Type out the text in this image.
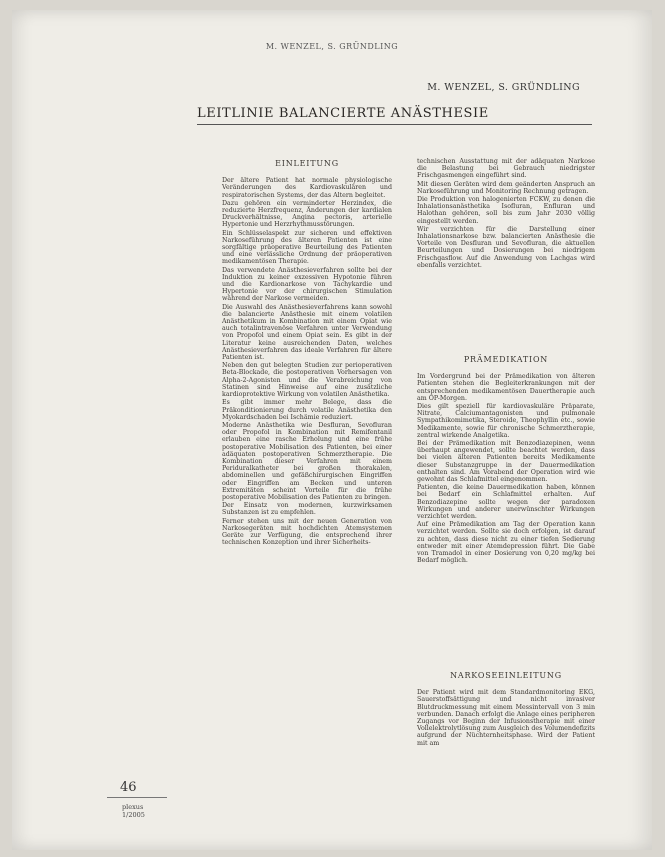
M. WENZEL, S. GRÜNDLING
M. WENZEL, S. GRÜNDLING
LEITLINIE BALANCIERTE ANÄSTHESIE
EINLEITUNG

Der ältere Patient hat normale physiologische Veränderungen des Kardiovaskulären und respiratorischen Systems, der das Altern begleitet.

Dazu gehören ein verminderter Herzindex, die reduzierte Herzfrequenz, Änderungen der kardialen Druckverhältnisse, Angina pectoris, arterielle Hypertonie und Herzrhythmusstörungen.

Ein Schlüsselaspekt zur sicheren und effektiven Narkoseführung des älteren Patienten ist eine sorgfältige präoperative Beurteilung des Patienten und eine verlässliche Ordnung der präoperativen medikamentösen Therapie.

Das verwendete Anästhesieverfahren sollte bei der Induktion zu keiner exzessiven Hypotonie führen und die Kardionarkose von Tachykardie und Hypertonie vor der chirurgischen Stimulation während der Narkose vermeiden.

Die Auswahl des Anästhesieverfahrens kann sowohl die balancierte Anästhesie mit einem volatilen Anästhetikum in Kombination mit einem Opiat wie auch totalintravenöse Verfahren unter Verwendung von Propofol und einem Opiat sein. Es gibt in der Literatur keine ausreichenden Daten, welches Anästhesieverfahren das ideale Verfahren für ältere Patienten ist.

Neben den gut belegten Studien zur perioperativen Beta-Blockade, die postoperativen Vorhersagen von Alpha-2-Agonisten und die Verabreichung von Statinen sind Hinweise auf eine zusätzliche kardioprotektive Wirkung von volatilen Anästhetika.

Es gibt immer mehr Belege, dass die Präkonditionierung durch volatile Anästhetika den Myokardschaden bei Ischämie reduziert.

Moderne Anästhetika wie Desfluran, Sevofluran oder Propofol in Kombination mit Remifentanil erlauben eine rasche Erholung und eine frühe postoperative Mobilisation des Patienten, bei einer adäquaten postoperativen Schmerztherapie. Die Kombination dieser Verfahren mit einem Periduralkatheter bei großen thorakalen, abdominellen und gefäßchirurgischen Eingriffen oder Eingriffen am Becken und unteren Extremitäten scheint Vorteile für die frühe postoperative Mobilisation des Patienten zu bringen.

Der Einsatz von modernen, kurzwirksamen Substanzen ist zu empfehlen.

Ferner stehen uns mit der neuen Generation von Narkosegeräten mit hochdichten Atemsystemen Geräte zur Verfügung, die entsprechend ihrer technischen Konzeption und ihrer Sicherheits-

technischen Ausstattung mit der adäquaten Narkose die Belastung bei Gebrauch niedrigster Frischgasmengen eingeführt sind.

Mit diesen Geräten wird dem geänderten Anspruch an Narkoseführung und Monitoring Rechnung getragen.

Die Produktion von halogenierten FCKW, zu denen die Inhalationsanästhetika Isofluran, Enfluran und Halothan gehören, soll bis zum Jahr 2030 völlig eingestellt werden.

Wir verzichten für die Darstellung einer Inhalationsnarkose bzw. balancierten Anästhesie die Vorteile von Desfluran und Sevofluran, die aktuellen Beurteilungen und Dosierungen bei niedrigem Frischgasflow. Auf die Anwendung von Lachgas wird ebenfalls verzichtet.

PRÄMEDIKATION

Im Vordergrund bei der Prämedikation von älteren Patienten stehen die Begleiterkrankungen mit der entsprechenden medikamentösen Dauertherapie auch am OP-Morgen.

Dies gilt speziell für kardiovaskuläre Präparate, Nitrate, Calciumantagonisten und pulmonale Sympathikomimetika, Steroide, Theophyllin etc., sowie Medikamente, sowie für chronische Schmerztherapie, zentral wirkende Analgetika.

Bei der Prämedikation mit Benzodiazepinen, wenn überhaupt angewendet, sollte beachtet werden, dass bei vielen älteren Patienten bereits Medikamente dieser Substanzgruppe in der Dauermedikation enthalten sind. Am Vorabend der Operation wird wie gewohnt das Schlafmittel eingenommen.

Patienten, die keine Dauermedikation haben, können bei Bedarf ein Schlafmittel erhalten. Auf Benzodiazepine sollte wegen der paradoxen Wirkungen und anderer unerwünschter Wirkungen verzichtet werden.

Auf eine Prämedikation am Tag der Operation kann verzichtet werden. Sollte sie doch erfolgen, ist darauf zu achten, dass diese nicht zu einer tiefen Sedierung entweder mit einer Atemdepression führt. Die Gabe von Tramadol in einer Dosierung von 0,20 mg/kg bei Bedarf möglich.

NARKOSEEINLEITUNG

Der Patient wird mit dem Standardmonitoring EKG, Sauerstoffsättigung und nicht invasiver Blutdruckmessung mit einem Messintervall von 3 min verbunden. Danach erfolgt die Anlage eines peripheren Zugangs vor Beginn der Infusionstherapie mit einer Vollelektrolytlösung zum Ausgleich des Volumendefizits aufgrund der Nüchternheitsphase. Wird der Patient mit am

46
plexus
1/2005
